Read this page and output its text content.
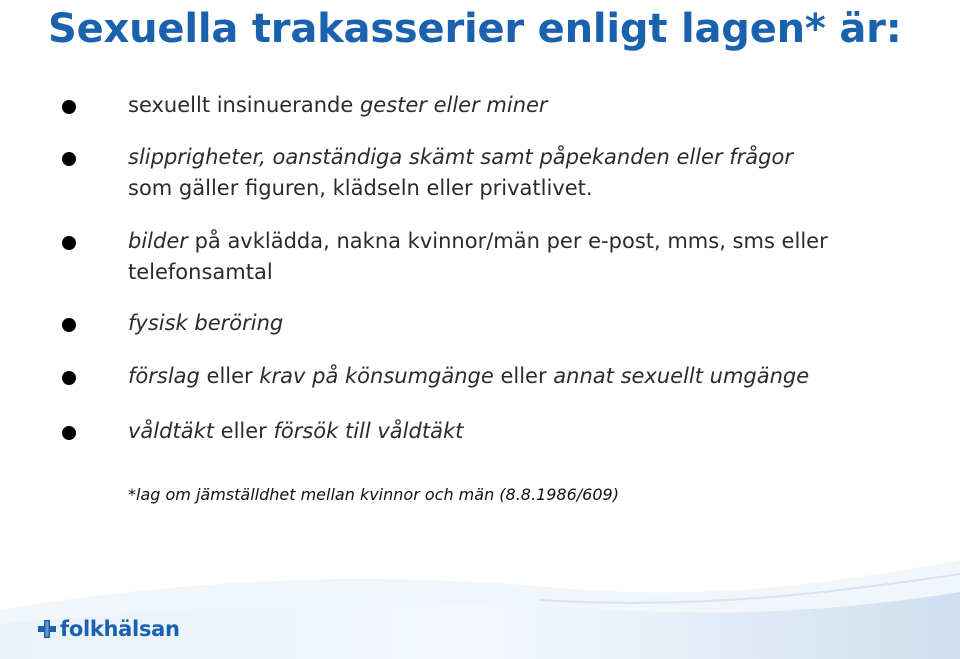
Sexuella trakasserier enligt lagen* är:
sexuellt insinuerande gester eller miner
slipprigheter, oanständiga skämt samt påpekanden eller frågor
som gäller figuren, klädseln eller privatlivet.
bilder på avklädda, nakna kvinnor/män per e-post, mms, sms eller
telefonsamtal
fysisk beröring
förslag eller krav på könsumgänge eller annat sexuellt umgänge
våldtäkt eller försök till våldtäkt

*lag om jämställdhet mellan kvinnor och män (8.8.1986/609)

folkhälsan
